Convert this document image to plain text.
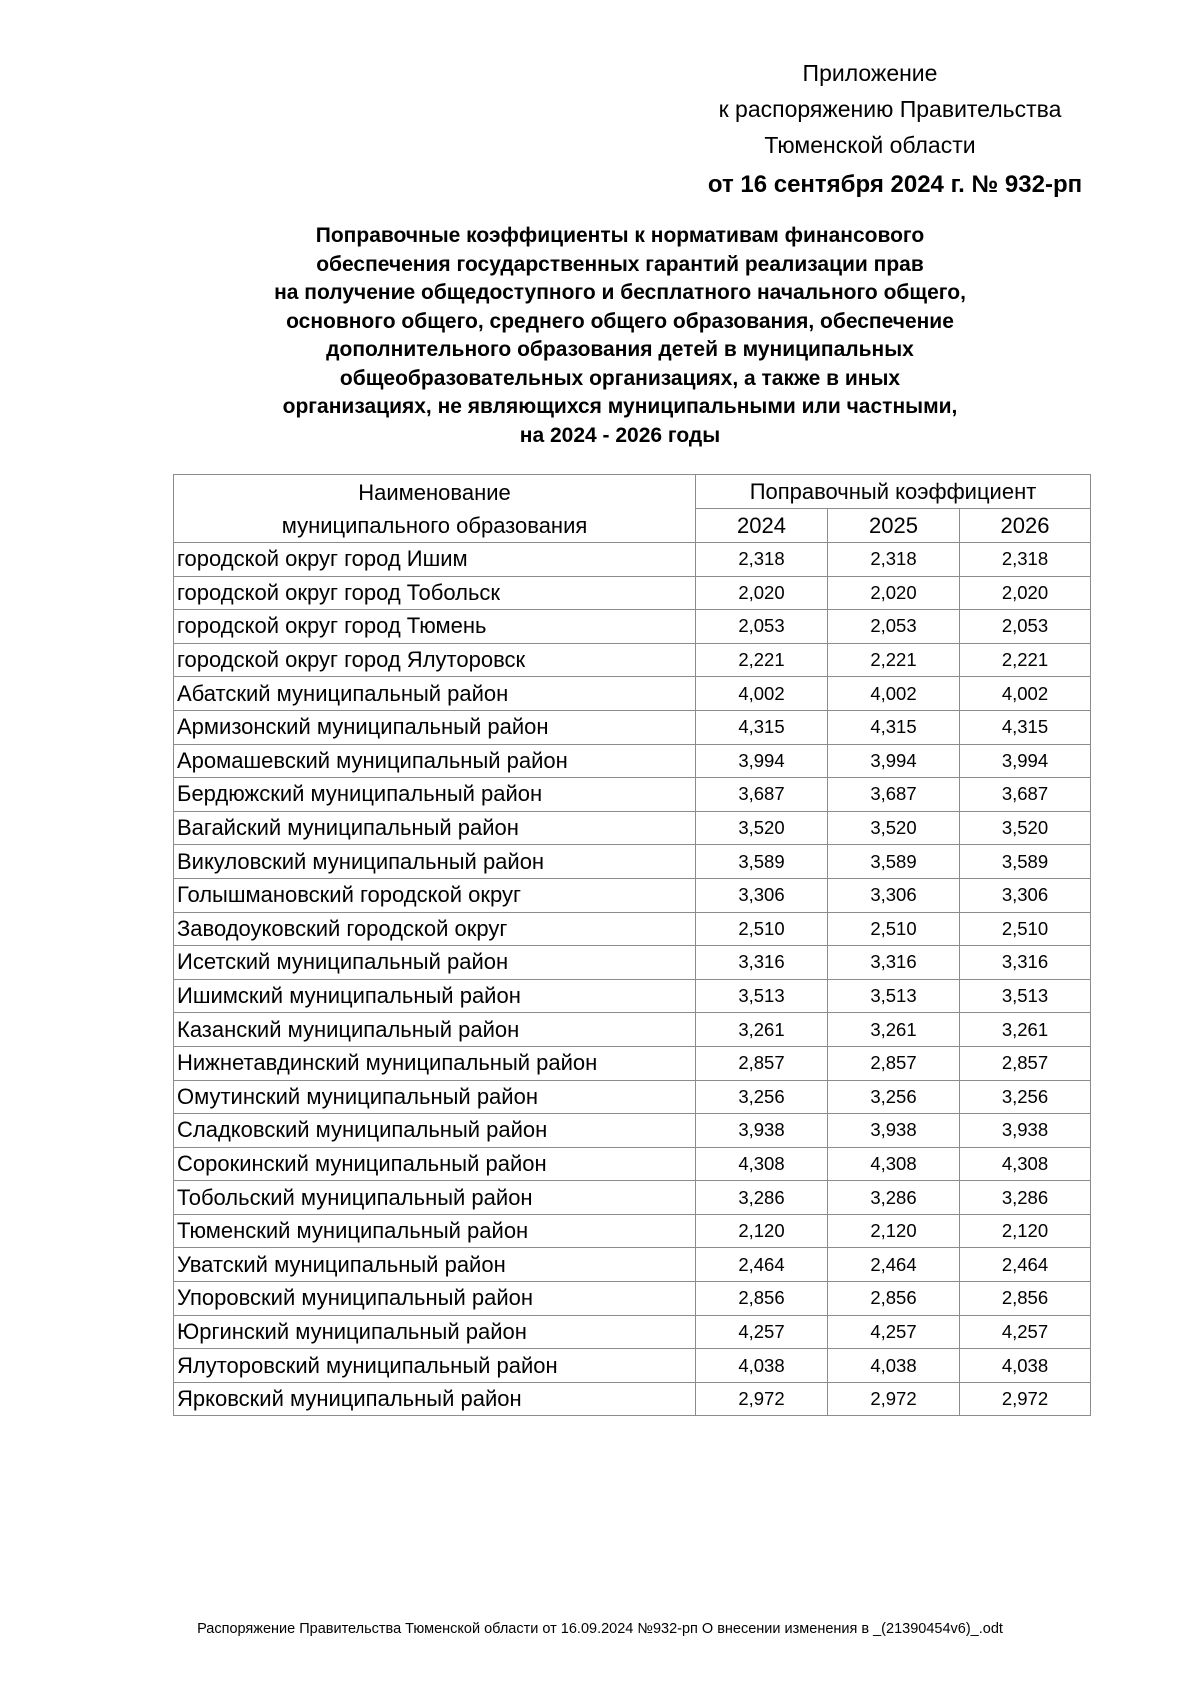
Приложение
к распоряжению Правительства
Тюменской области
от 16 сентября 2024 г. № 932-рп
Поправочные коэффициенты к нормативам финансового
обеспечения государственных гарантий реализации прав
на получение общедоступного и бесплатного начального общего,
основного общего, среднего общего образования, обеспечение
дополнительного образования детей в муниципальных
общеобразовательных организациях, а также в иных
организациях, не являющихся муниципальными или частными,
на 2024 - 2026 годы
Наименование
муниципального образования	Поправочный коэффициент		
	2024	2025	2026
городской округ город Ишим	2,318	2,318	2,318
городской округ город Тобольск	2,020	2,020	2,020
городской округ город Тюмень	2,053	2,053	2,053
городской округ город Ялуторовск	2,221	2,221	2,221
Абатский муниципальный район	4,002	4,002	4,002
Армизонский муниципальный район	4,315	4,315	4,315
Аромашевский муниципальный район	3,994	3,994	3,994
Бердюжский муниципальный район	3,687	3,687	3,687
Вагайский муниципальный район	3,520	3,520	3,520
Викуловский муниципальный район	3,589	3,589	3,589
Голышмановский городской округ	3,306	3,306	3,306
Заводоуковский городской округ	2,510	2,510	2,510
Исетский муниципальный район	3,316	3,316	3,316
Ишимский муниципальный район	3,513	3,513	3,513
Казанский муниципальный район	3,261	3,261	3,261
Нижнетавдинский муниципальный район	2,857	2,857	2,857
Омутинский муниципальный район	3,256	3,256	3,256
Сладковский муниципальный район	3,938	3,938	3,938
Сорокинский муниципальный район	4,308	4,308	4,308
Тобольский муниципальный район	3,286	3,286	3,286
Тюменский муниципальный район	2,120	2,120	2,120
Уватский муниципальный район	2,464	2,464	2,464
Упоровский муниципальный район	2,856	2,856	2,856
Юргинский муниципальный район	4,257	4,257	4,257
Ялуторовский муниципальный район	4,038	4,038	4,038
Ярковский муниципальный район	2,972	2,972	2,972
Распоряжение Правительства Тюменской области от 16.09.2024 №932-рп О внесении изменения в _(21390454v6)_.odt
